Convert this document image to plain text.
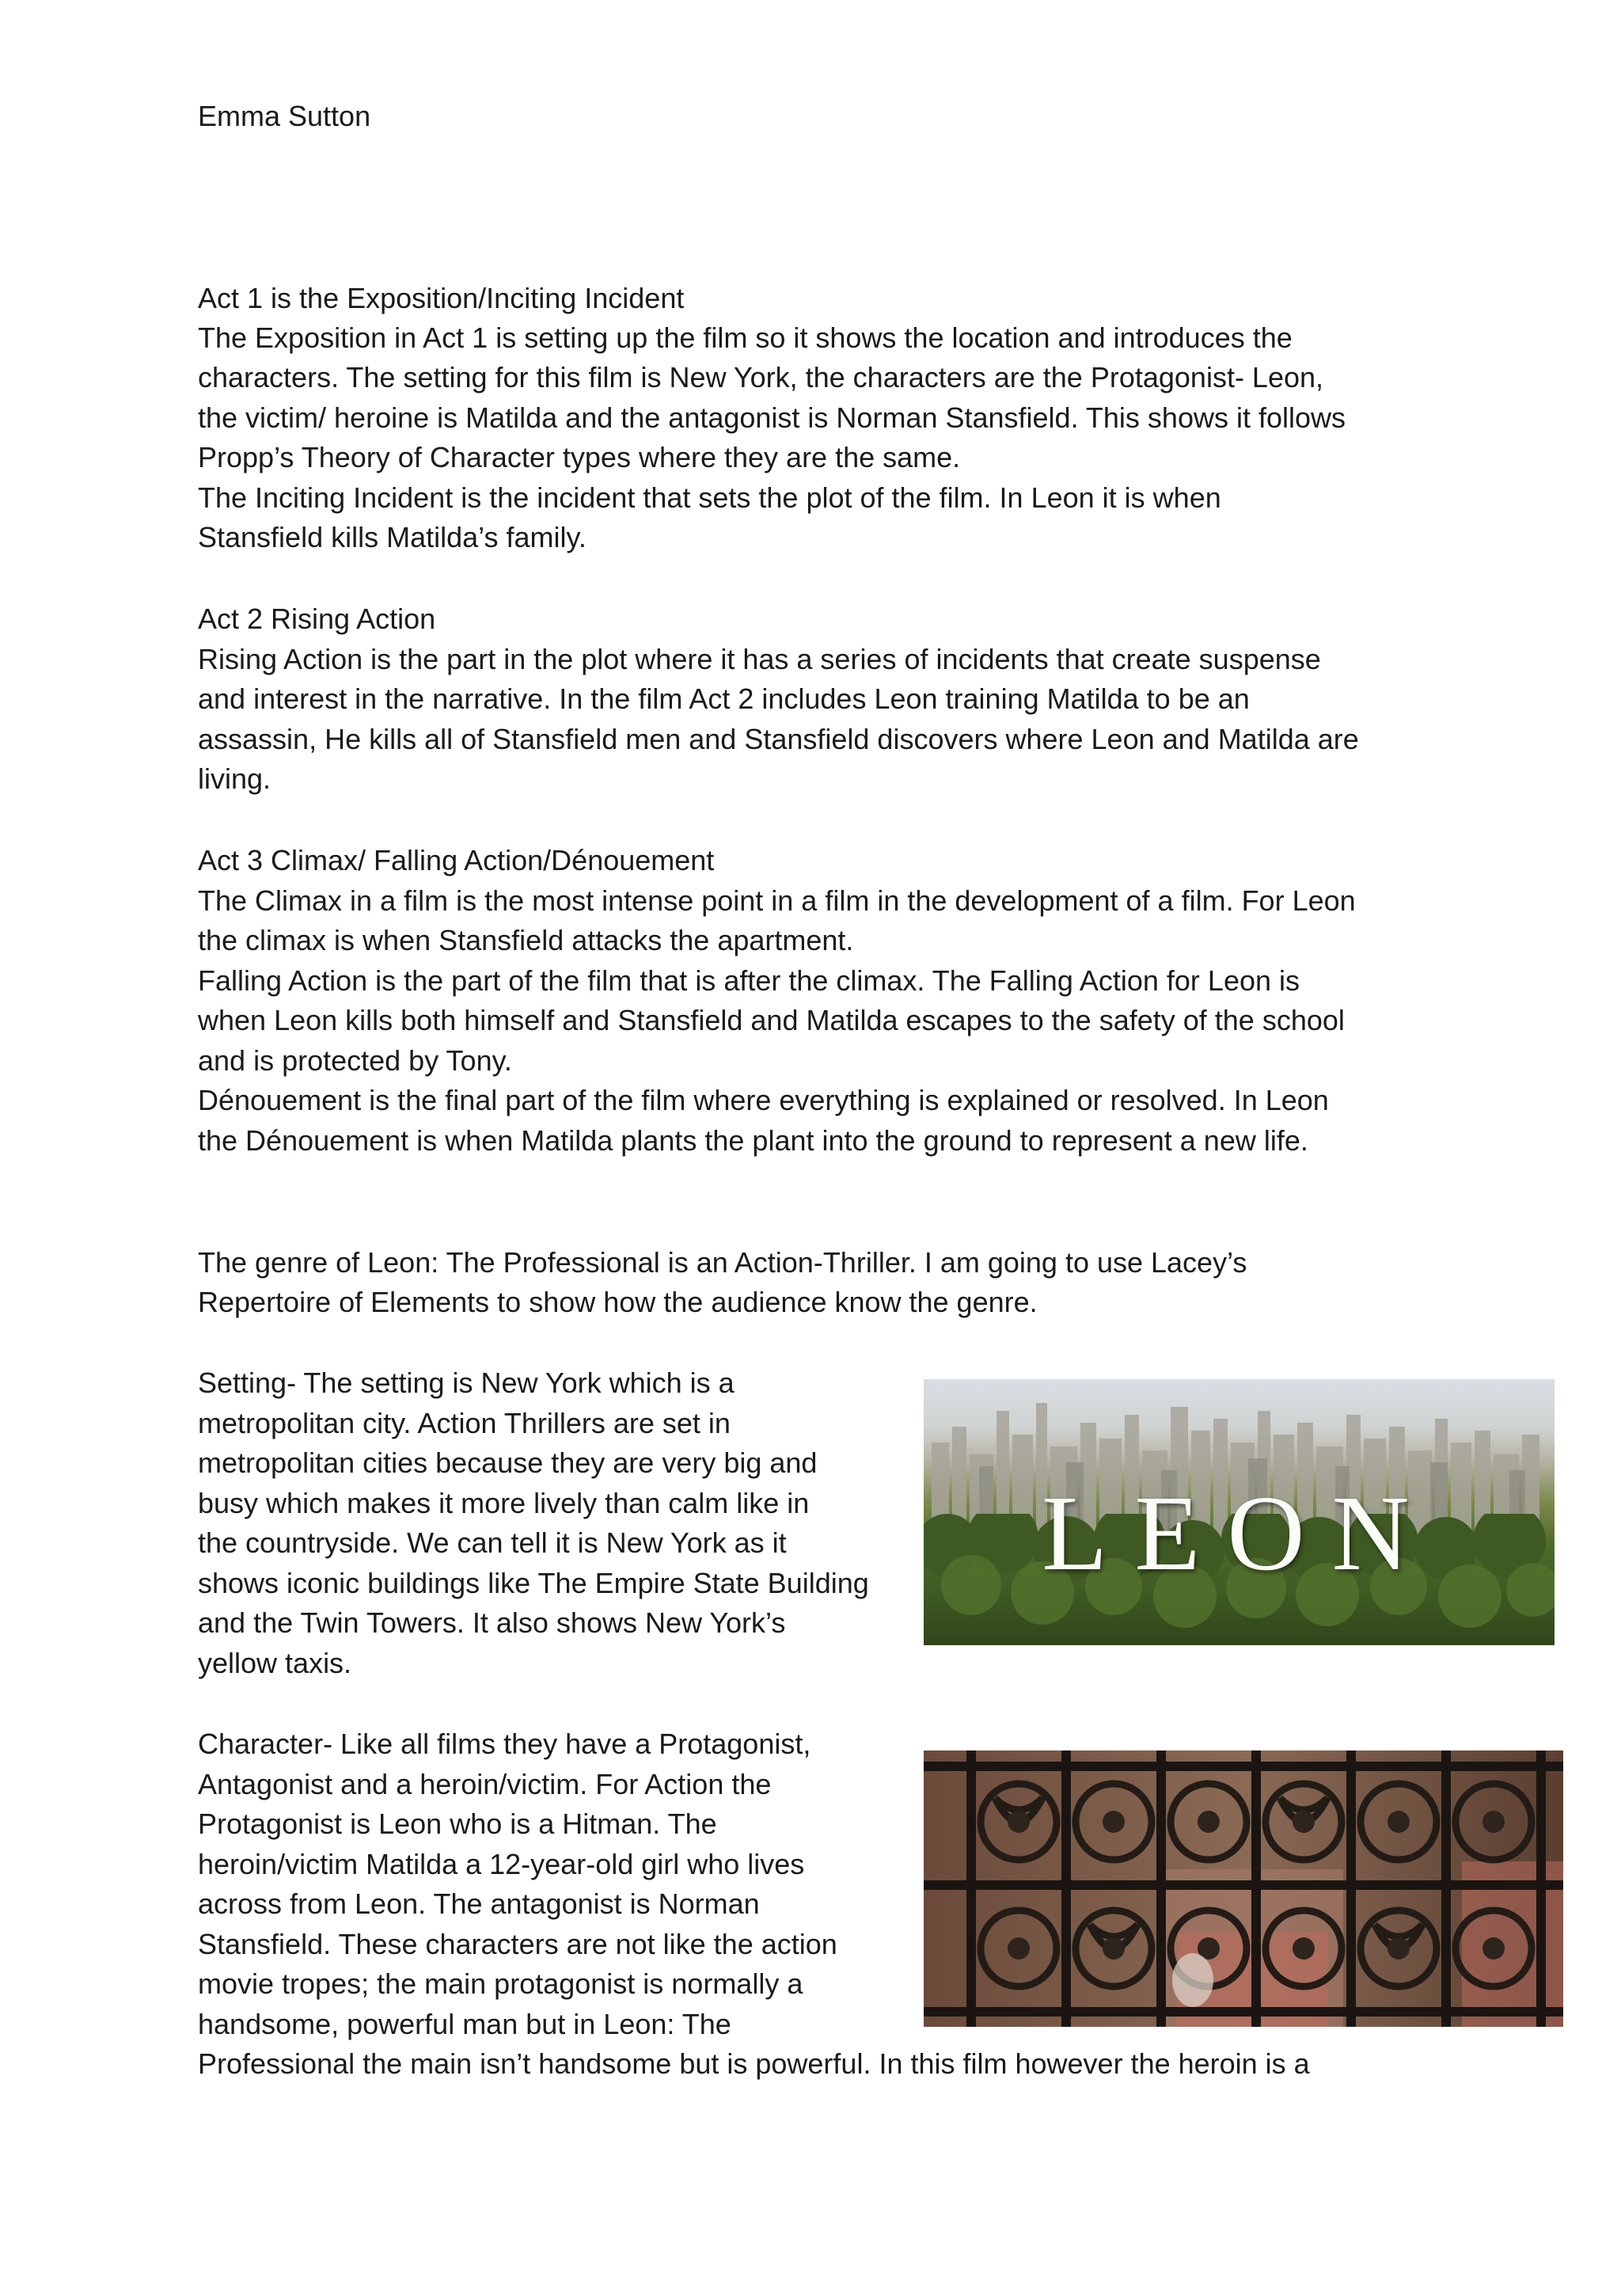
Emma Sutton
Act 1 is the Exposition/Inciting Incident
The Exposition in Act 1 is setting up the film so it shows the location and introduces the
characters. The setting for this film is New York, the characters are the Protagonist- Leon,
the victim/ heroine is Matilda and the antagonist is Norman Stansfield. This shows it follows
Propp’s Theory of Character types where they are the same.
The Inciting Incident is the incident that sets the plot of the film. In Leon it is when
Stansfield kills Matilda’s family.
Act 2 Rising Action
Rising Action is the part in the plot where it has a series of incidents that create suspense
and interest in the narrative. In the film Act 2 includes Leon training Matilda to be an
assassin, He kills all of Stansfield men and Stansfield discovers where Leon and Matilda are
living.
Act 3 Climax/ Falling Action/Dénouement
The Climax in a film is the most intense point in a film in the development of a film. For Leon
the climax is when Stansfield attacks the apartment.
Falling Action is the part of the film that is after the climax. The Falling Action for Leon is
when Leon kills both himself and Stansfield and Matilda escapes to the safety of the school
and is protected by Tony.
Dénouement is the final part of the film where everything is explained or resolved. In Leon
the Dénouement is when Matilda plants the plant into the ground to represent a new life.
The genre of Leon: The Professional is an Action-Thriller. I am going to use Lacey’s
Repertoire of Elements to show how the audience know the genre.
Setting- The setting is New York which is a
metropolitan city. Action Thrillers are set in
metropolitan cities because they are very big and
busy which makes it more lively than calm like in
the countryside. We can tell it is New York as it
shows iconic buildings like The Empire State Building
and the Twin Towers. It also shows New York’s
yellow taxis.
Character- Like all films they have a Protagonist,
Antagonist and a heroin/victim. For Action the
Protagonist is Leon who is a Hitman. The
heroin/victim Matilda a 12-year-old girl who lives
across from Leon. The antagonist is Norman
Stansfield. These characters are not like the action
movie tropes; the main protagonist is normally a
handsome, powerful man but in Leon: The
Professional the main isn’t handsome but is powerful. In this film however the heroin is a
LEON
